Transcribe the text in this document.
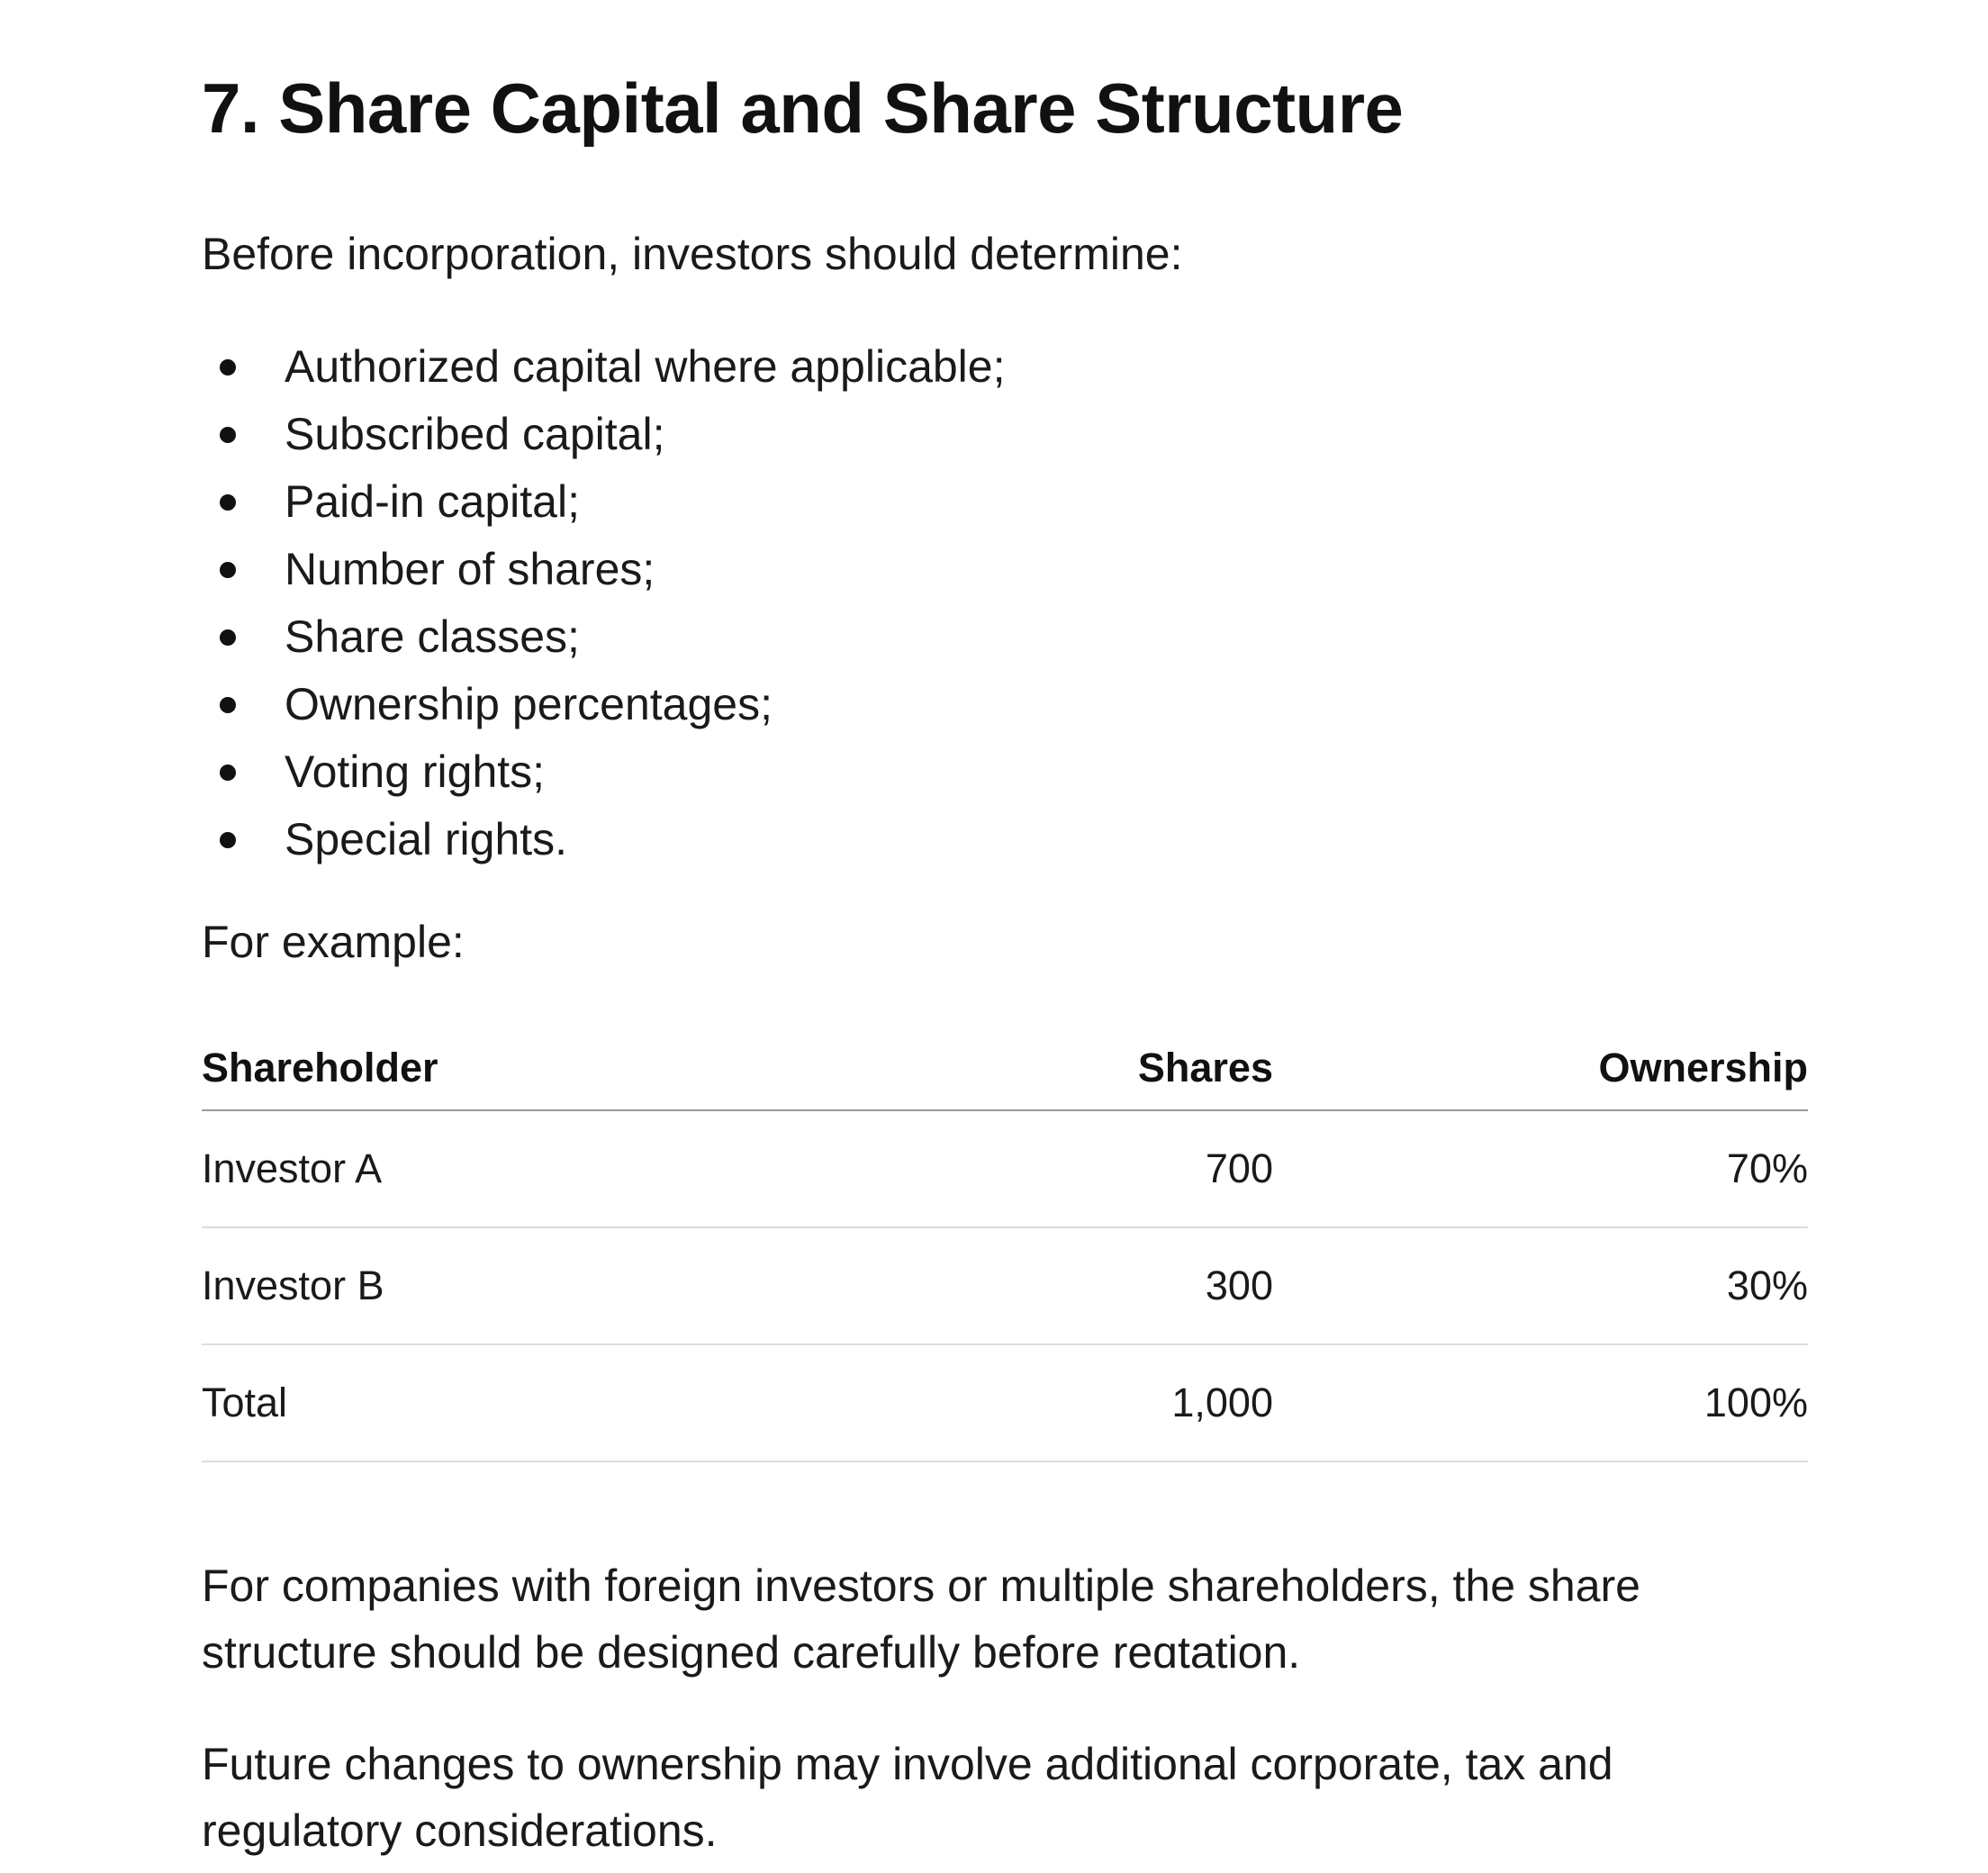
7. Share Capital and Share Structure

Before incorporation, investors should determine:

Authorized capital where applicable;
Subscribed capital;
Paid-in capital;
Number of shares;
Share classes;
Ownership percentages;
Voting rights;
Special rights.

For example:

Shareholder	Shares	Ownership
Investor A	700	70%
Investor B	300	30%
Total	1,000	100%

For companies with foreign investors or multiple shareholders, the share structure should be designed carefully before reɑtation.

Future changes to ownership may involve additional corporate, tax and regulatory considerations.
